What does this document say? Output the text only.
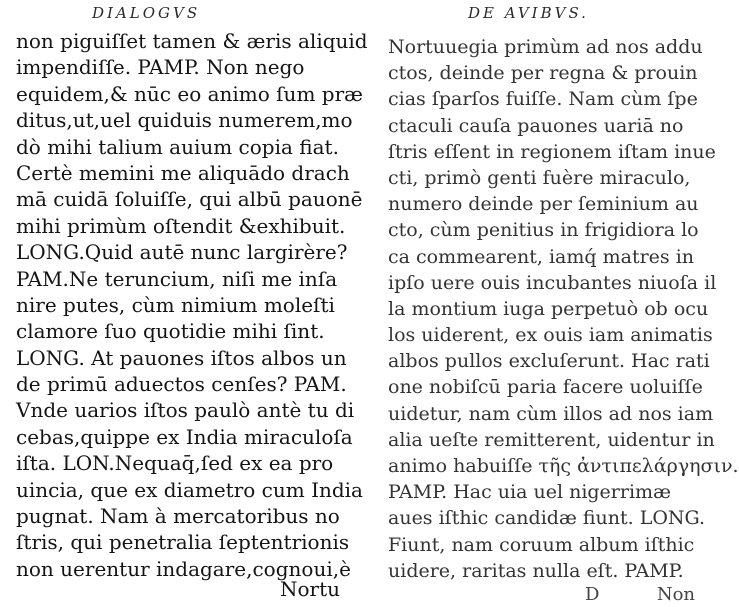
DIALOGVS
non piguiſſet tamen & æris aliquid
impendiſſe. PAMP. Non nego
equidem,& nūc eo animo ſum præ
ditus,ut,uel quiduis numerem,mo
dò mihi talium auium copia fiat.
Certè memini me aliquādo drach
mā cuidā ſoluiſſe, qui albū pauonē
mihi primùm oſtendit &exhibuit.
LONG.Quid autē nunc largirère?
PAM.Ne teruncium, niſi me inſa
nire putes, cùm nimium moleſti
clamore ſuo quotidie mihi ſint.
LONG. At pauones iſtos albos un
de primū aduectos cenſes? PAM.
Vnde uarios iſtos paulò antè tu di
cebas,quippe ex India miraculoſa
iſta. LON.Nequaq̄,ſed ex ea pro
uincia, que ex diametro cum India
pugnat. Nam à mercatoribus no
ſtris, qui penetralia ſeptentrionis
non uerentur indagare,cognoui,è
Nortu
DE AVIBVS.
Nortuuegia primùm ad nos addu
ctos, deinde per regna & prouin
cias ſparſos fuiſſe. Nam cùm ſpe
ctaculi cauſa pauones uariā no
ſtris eſſent in regionem iſtam inue
cti, primò genti fuère miraculo,
numero deinde per ſeminium au
cto, cùm penitius in frigidiora lo
ca commearent, iamq́ matres in
ipſo uere ouis incubantes niuoſa il
la montium iuga perpetuò ob ocu
los uiderent, ex ouis iam animatis
albos pullos excluſerunt. Hac rati
one nobiſcū paria facere uoluiſſe
uidetur, nam cùm illos ad nos iam
alia ueſte remitterent, uidentur in
animo habuiſſe τῆς ἀντιπελάργησιν.
PAMP. Hac uia uel nigerrimæ
aues iſthic candidæ fiunt. LONG.
Fiunt, nam coruum album iſthic
uidere, raritas nulla eſt. PAMP.
D	Non
